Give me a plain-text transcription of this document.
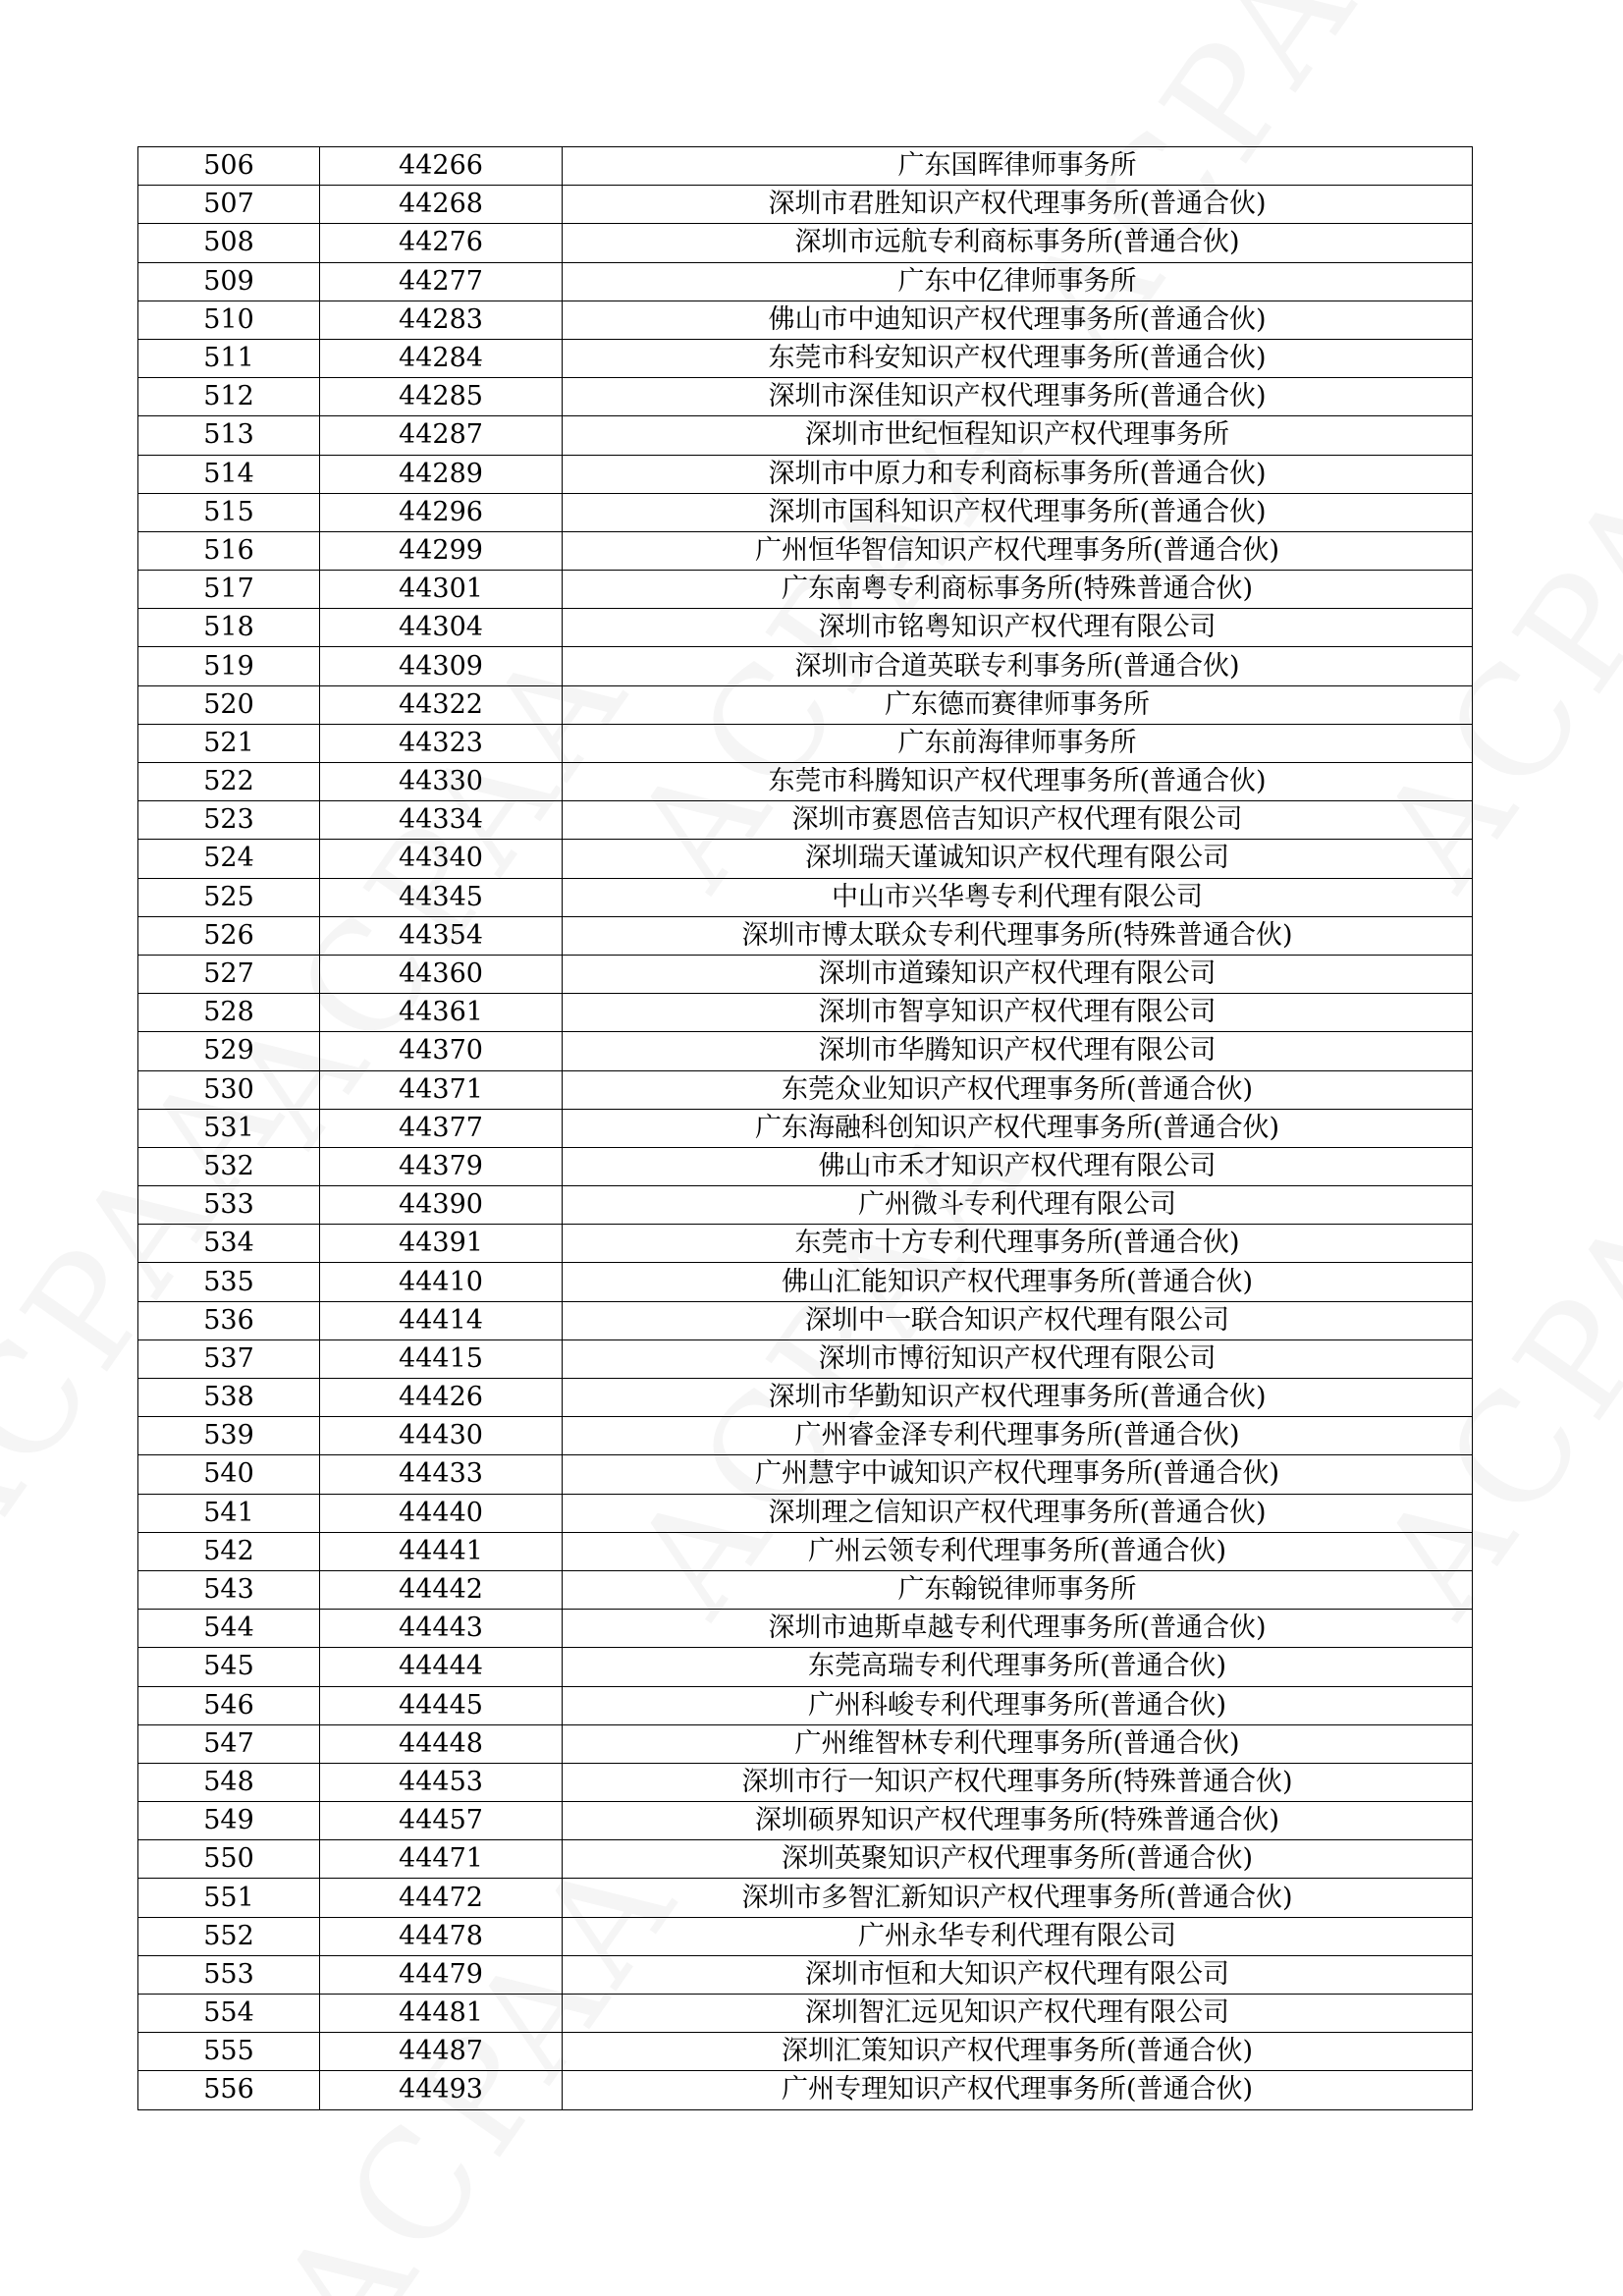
506	44266	广东国晖律师事务所
507	44268	深圳市君胜知识产权代理事务所(普通合伙)
508	44276	深圳市远航专利商标事务所(普通合伙)
509	44277	广东中亿律师事务所
510	44283	佛山市中迪知识产权代理事务所(普通合伙)
511	44284	东莞市科安知识产权代理事务所(普通合伙)
512	44285	深圳市深佳知识产权代理事务所(普通合伙)
513	44287	深圳市世纪恒程知识产权代理事务所
514	44289	深圳市中原力和专利商标事务所(普通合伙)
515	44296	深圳市国科知识产权代理事务所(普通合伙)
516	44299	广州恒华智信知识产权代理事务所(普通合伙)
517	44301	广东南粤专利商标事务所(特殊普通合伙)
518	44304	深圳市铭粤知识产权代理有限公司
519	44309	深圳市合道英联专利事务所(普通合伙)
520	44322	广东德而赛律师事务所
521	44323	广东前海律师事务所
522	44330	东莞市科腾知识产权代理事务所(普通合伙)
523	44334	深圳市赛恩倍吉知识产权代理有限公司
524	44340	深圳瑞天谨诚知识产权代理有限公司
525	44345	中山市兴华粤专利代理有限公司
526	44354	深圳市博太联众专利代理事务所(特殊普通合伙)
527	44360	深圳市道臻知识产权代理有限公司
528	44361	深圳市智享知识产权代理有限公司
529	44370	深圳市华腾知识产权代理有限公司
530	44371	东莞众业知识产权代理事务所(普通合伙)
531	44377	广东海融科创知识产权代理事务所(普通合伙)
532	44379	佛山市禾才知识产权代理有限公司
533	44390	广州微斗专利代理有限公司
534	44391	东莞市十方专利代理事务所(普通合伙)
535	44410	佛山汇能知识产权代理事务所(普通合伙)
536	44414	深圳中一联合知识产权代理有限公司
537	44415	深圳市博衍知识产权代理有限公司
538	44426	深圳市华勤知识产权代理事务所(普通合伙)
539	44430	广州睿金泽专利代理事务所(普通合伙)
540	44433	广州慧宇中诚知识产权代理事务所(普通合伙)
541	44440	深圳理之信知识产权代理事务所(普通合伙)
542	44441	广州云领专利代理事务所(普通合伙)
543	44442	广东翰锐律师事务所
544	44443	深圳市迪斯卓越专利代理事务所(普通合伙)
545	44444	东莞高瑞专利代理事务所(普通合伙)
546	44445	广州科峻专利代理事务所(普通合伙)
547	44448	广州维智林专利代理事务所(普通合伙)
548	44453	深圳市行一知识产权代理事务所(特殊普通合伙)
549	44457	深圳硕界知识产权代理事务所(特殊普通合伙)
550	44471	深圳英聚知识产权代理事务所(普通合伙)
551	44472	深圳市多智汇新知识产权代理事务所(普通合伙)
552	44478	广州永华专利代理有限公司
553	44479	深圳市恒和大知识产权代理有限公司
554	44481	深圳智汇远见知识产权代理有限公司
555	44487	深圳汇策知识产权代理事务所(普通合伙)
556	44493	广州专理知识产权代理事务所(普通合伙)
